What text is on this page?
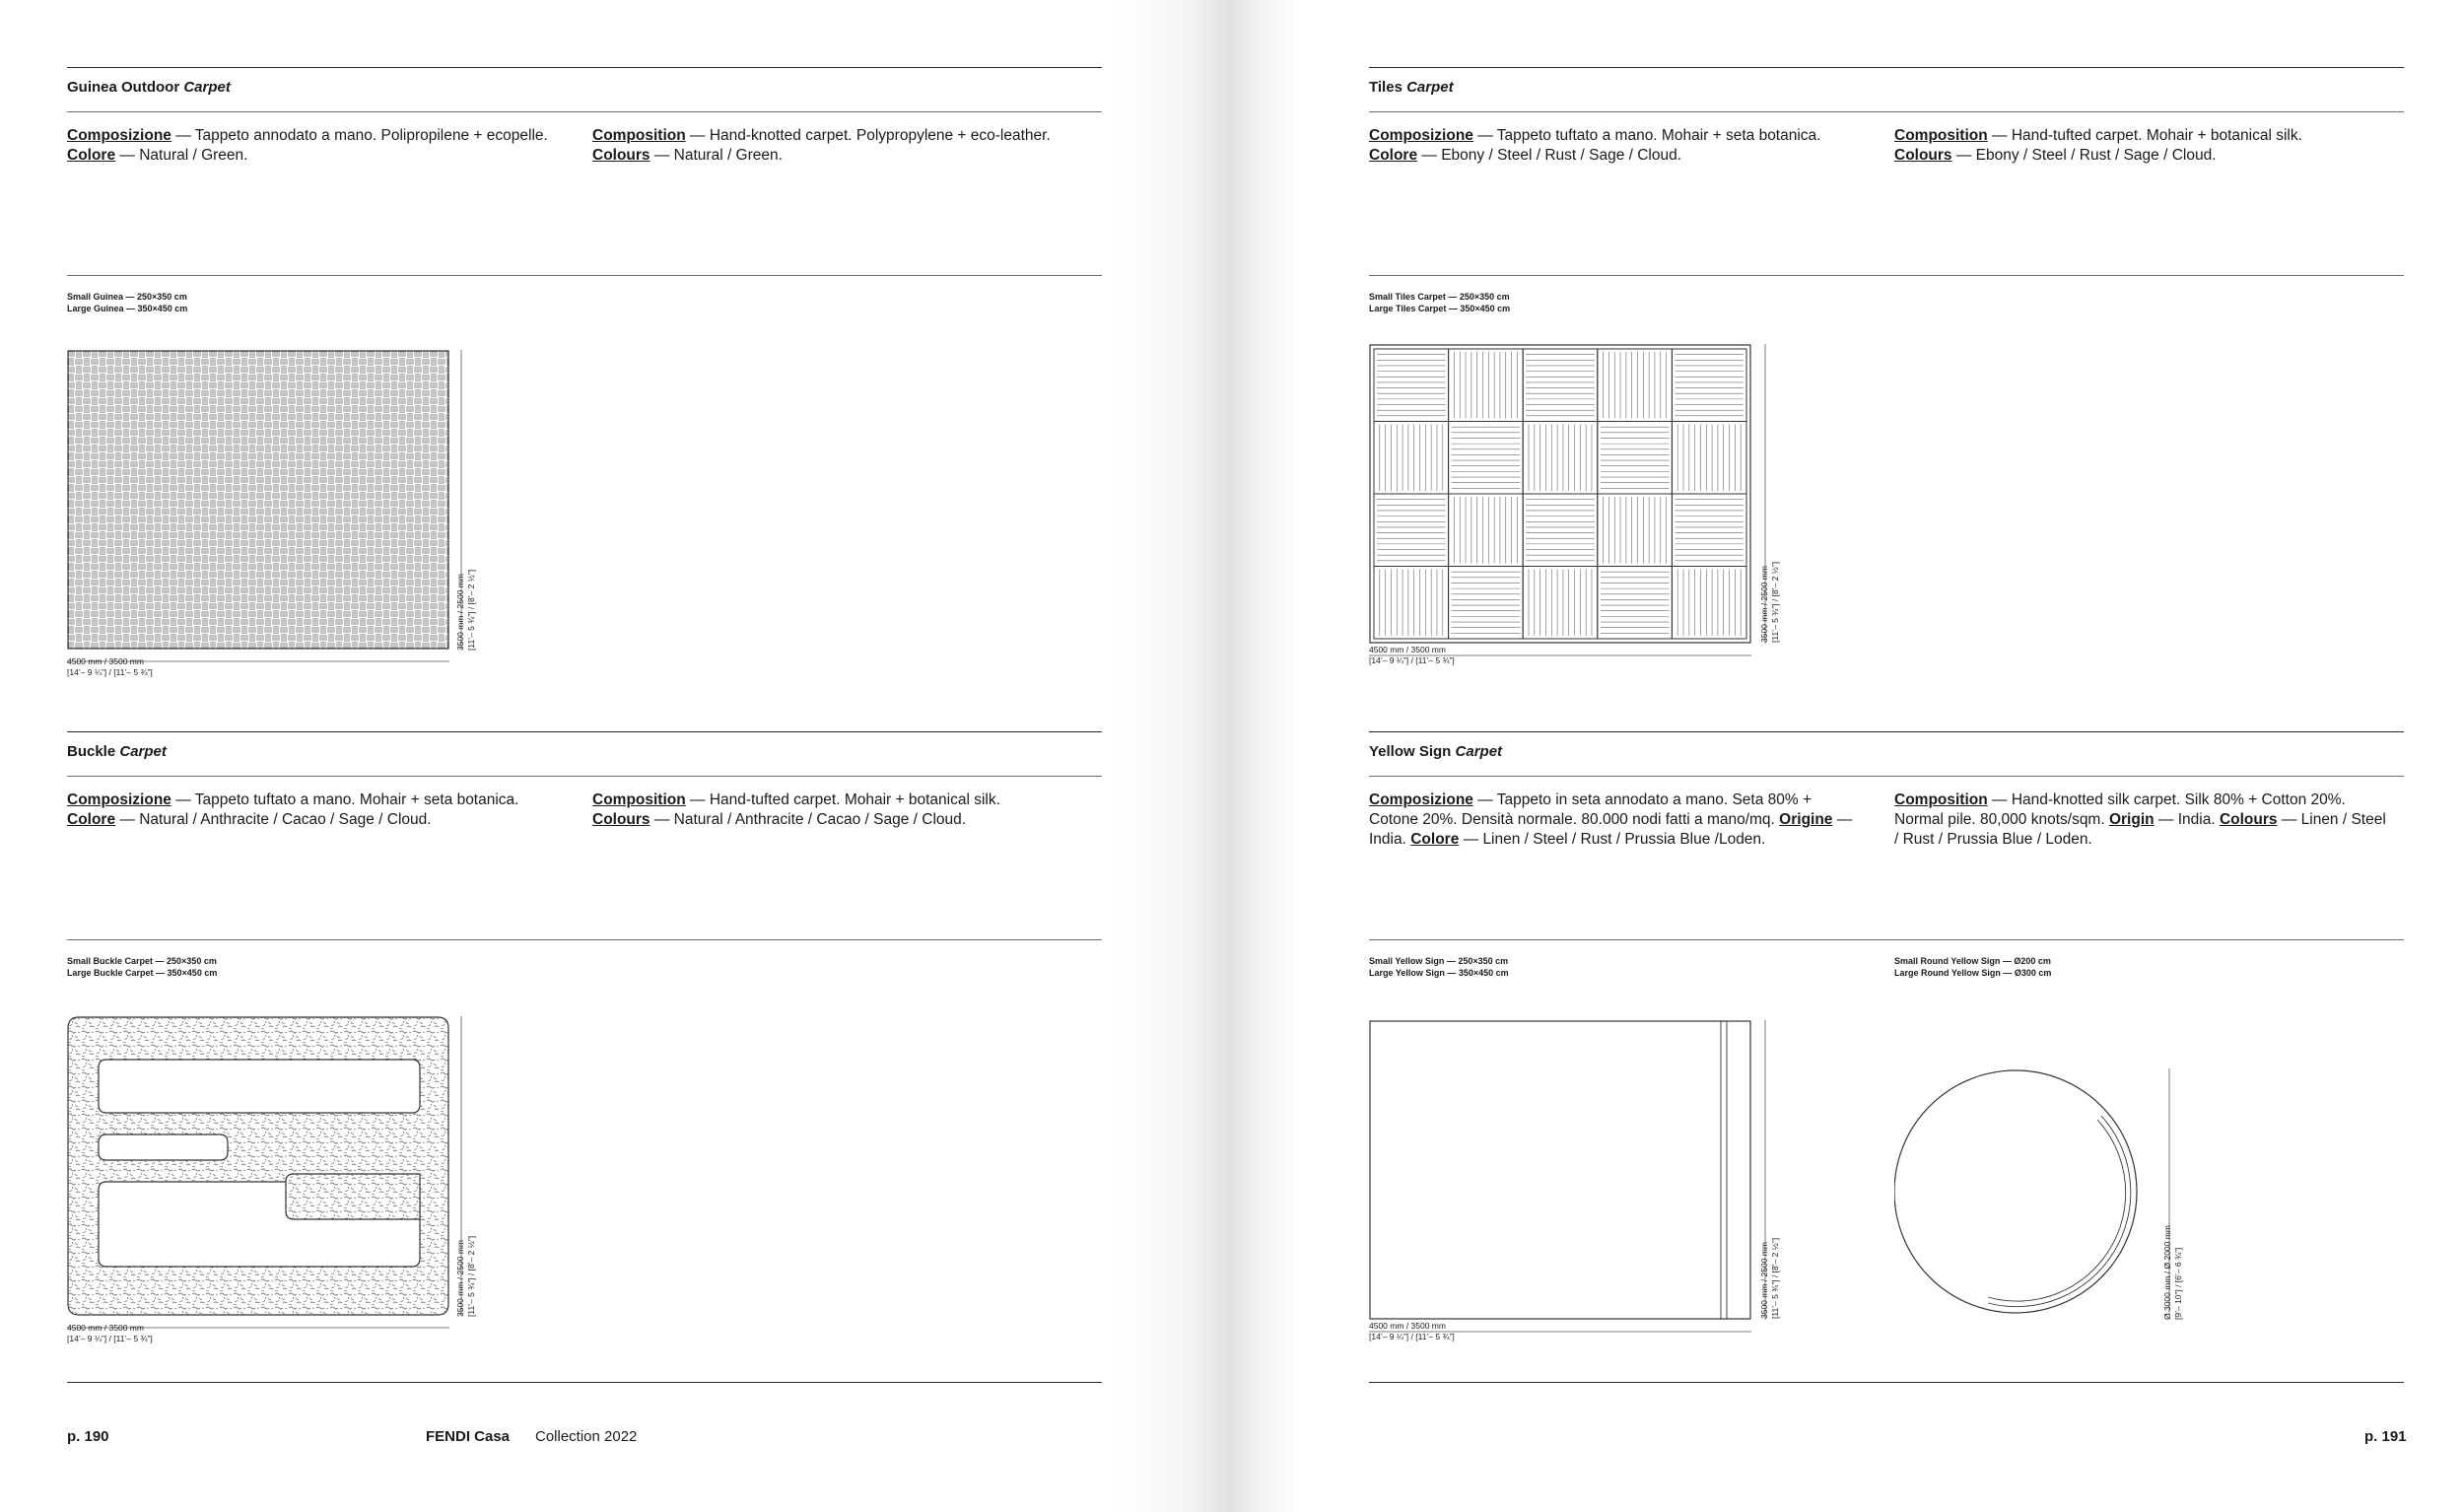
Guinea Outdoor Carpet
Composizione — Tappeto annodato a mano. Polipropilene + ecopelle.
Colore — Natural / Green.
Composition — Hand-knotted carpet. Polypropylene + eco-leather.
Colours — Natural / Green.
Small Guinea — 250×350 cm
Large Guinea — 350×450 cm
4500 mm / 3500 mm
[14’– 9 ¼”] / [11’– 5 ¾”]
3500 mm / 2500 mm [11’– 5 ¾”] / [8’– 2 ½”]
Buckle Carpet
Composizione — Tappeto tuftato a mano. Mohair + seta botanica.
Colore — Natural / Anthracite / Cacao / Sage / Cloud.
Composition — Hand-tufted carpet. Mohair + botanical silk.
Colours — Natural / Anthracite / Cacao / Sage / Cloud.
Small Buckle Carpet — 250×350 cm
Large Buckle Carpet — 350×450 cm
4500 mm / 3500 mm
[14’– 9 ¼”] / [11’– 5 ¾”]
3500 mm / 2500 mm [11’– 5 ¾”] / [8’– 2 ½”]
p. 190	FENDI Casa Collection 2022
Tiles Carpet
Composizione — Tappeto tuftato a mano. Mohair + seta botanica.
Colore — Ebony / Steel / Rust / Sage / Cloud.
Composition — Hand-tufted carpet. Mohair + botanical silk.
Colours — Ebony / Steel / Rust / Sage / Cloud.
Small Tiles Carpet — 250×350 cm
Large Tiles Carpet — 350×450 cm
4500 mm / 3500 mm
[14’– 9 ¼”] / [11’– 5 ¾”]
3500 mm / 2500 mm [11’– 5 ¾”] / [8’– 2 ½”]
Yellow Sign Carpet
Composizione — Tappeto in seta annodato a mano. Seta 80% + Cotone 20%. Densità normale. 80.000 nodi fatti a mano/mq. Origine — India. Colore — Linen / Steel / Rust / Prussia Blue /Loden.
Composition — Hand-knotted silk carpet. Silk 80% + Cotton 20%. Normal pile. 80,000 knots/sqm. Origin — India. Colours — Linen / Steel / Rust / Prussia Blue / Loden.
Small Yellow Sign — 250×350 cm
Large Yellow Sign — 350×450 cm
Small Round Yellow Sign — Ø200 cm
Large Round Yellow Sign — Ø300 cm
4500 mm / 3500 mm
[14’– 9 ¼”] / [11’– 5 ¾”]
3500 mm / 2500 mm [11’– 5 ¾”] / [8’– 2 ½”]	Ø 3000 mm / Ø 2000 mm [9’– 10”] / [6’– 6 ¾”]
p. 191
